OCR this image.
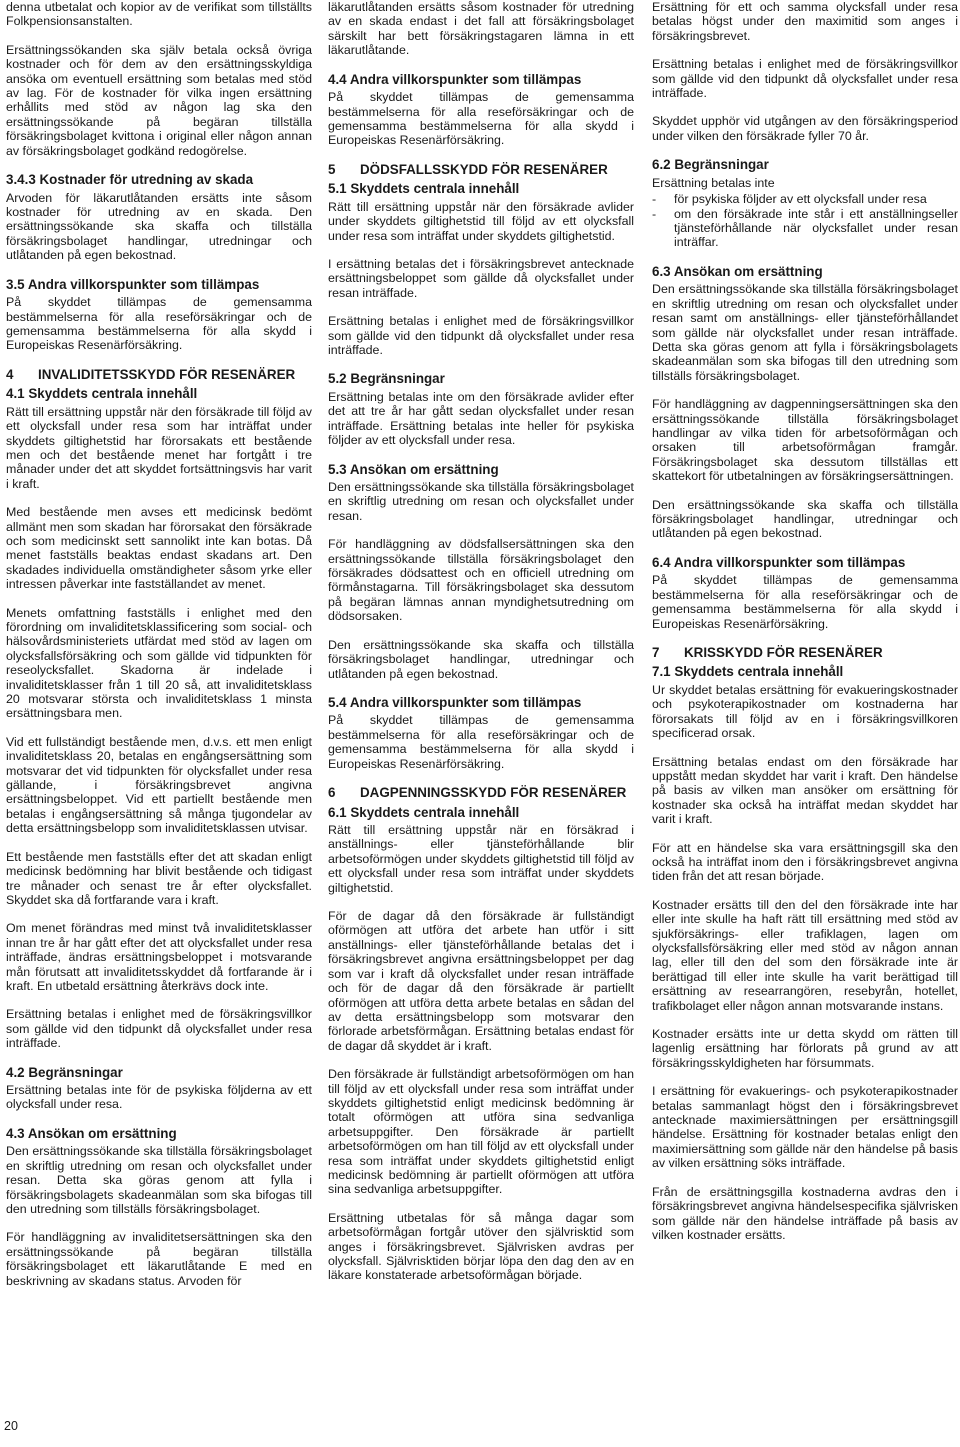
denna utbetalat och kopior av de verifikat som tillställts Folkpensionsanstalten.

Ersättningssökanden ska själv betala också övriga kostnader och för dem av den ersättningsskyldiga ansöka om eventuell ersättning som betalas med stöd av lag. För de kostnader för vilka ingen ersättning erhållits med stöd av någon lag ska den ersättningssökande på begäran tillställa försäkringsbolaget kvittona i original eller någon annan av försäkringsbolaget godkänd redogörelse.

3.4.3 Kostnader för utredning av skada

Arvoden för läkarutlåtanden ersätts inte såsom kostnader för utredning av en skada. Den ersättningssökande ska skaffa och tillställa försäkringsbolaget handlingar, utredningar och utlåtanden på egen bekostnad.

3.5 Andra villkorspunkter som tillämpas

På skyddet tillämpas de gemensamma bestämmelserna för alla reseförsäkringar och de gemensamma bestämmelserna för alla skydd i Europeiskas Resenärförsäkring.

4	INVALIDITETSSKYDD FÖR RESENÄRER
4.1 Skyddets centrala innehåll

Rätt till ersättning uppstår när den försäkrade till följd av ett olycksfall under resa som har inträffat under skyddets giltighetstid har förorsakats ett bestående men och det bestående menet har fortgått i tre månader under det att skyddet fortsättningsvis har varit i kraft.

Med bestående men avses ett medicinsk bedömt allmänt men som skadan har förorsakat den försäkrade och som medicinskt sett sannolikt inte kan botas. Då menet fastställs beaktas endast skadans art. Den skadades individuella omständigheter såsom yrke eller intressen påverkar inte fastställandet av menet.

Menets omfattning fastställs i enlighet med den förordning om invaliditetsklassificering som social- och hälsovårdsministeriets utfärdat med stöd av lagen om olycksfallsförsäkring och som gällde vid tidpunkten för reseolycksfallet. Skadorna är indelade i invaliditetsklasser från 1 till 20 så, att invaliditetsklass 20 motsvarar största och invaliditetsklass 1 minsta ersättningsbara men.

Vid ett fullständigt bestående men, d.v.s. ett men enligt invaliditetsklass 20, betalas en engångsersättning som motsvarar det vid tidpunkten för olycksfallet under resa gällande, i försäkringsbrevet angivna ersättningsbeloppet. Vid ett partiellt bestående men betalas i engångsersättning så många tjugondelar av detta ersättningsbelopp som invaliditetsklassen utvisar.

Ett bestående men fastställs efter det att skadan enligt medicinsk bedömning har blivit bestående och tidigast tre månader och senast tre år efter olycksfallet. Skyddet ska då fortfarande vara i kraft.

Om menet förändras med minst två invaliditetsklasser innan tre år har gått efter det att olycksfallet under resa inträffade, ändras ersättningsbeloppet i motsvarande mån förutsatt att invaliditetsskyddet då fortfarande är i kraft. En utbetald ersättning återkrävs dock inte.

Ersättning betalas i enlighet med de försäkringsvillkor som gällde vid den tidpunkt då olycksfallet under resa inträffade.

4.2 Begränsningar

Ersättning betalas inte för de psykiska följderna av ett olycksfall under resa.

4.3 Ansökan om ersättning

Den ersättningssökande ska tillställa försäkringsbolaget en skriftlig utredning om resan och olycksfallet under resan. Detta ska göras genom att fylla i försäkringsbolagets skadeanmälan som ska bifogas till den utredning som tillställs försäkringsbolaget.

För handläggning av invaliditetsersättningen ska den ersättningssökande på begäran tillställa försäkringsbolaget ett läkarutlåtande E med en beskrivning av skadans status. Arvoden för

läkarutlåtanden ersätts såsom kostnader för utredning av en skada endast i det fall att försäkringsbolaget särskilt har bett försäkringstagaren lämna in ett läkarutlåtande.

4.4 Andra villkorspunkter som tillämpas

På skyddet tillämpas de gemensamma bestämmelserna för alla reseförsäkringar och de gemensamma bestämmelserna för alla skydd i Europeiskas Resenärförsäkring.

5	DÖDSFALLSSKYDD FÖR RESENÄRER
5.1 Skyddets centrala innehåll

Rätt till ersättning uppstår när den försäkrade avlider under skyddets giltighetstid till följd av ett olycksfall under resa som inträffat under skyddets giltighetstid.

I ersättning betalas det i försäkringsbrevet antecknade ersättningsbeloppet som gällde då olycksfallet under resan inträffade.

Ersättning betalas i enlighet med de försäkringsvillkor som gällde vid den tidpunkt då olycksfallet under resa inträffade.

5.2 Begränsningar

Ersättning betalas inte om den försäkrade avlider efter det att tre år har gått sedan olycksfallet under resan inträffade. Ersättning betalas inte heller för psykiska följder av ett olycksfall under resa.

5.3 Ansökan om ersättning

Den ersättningssökande ska tillställa försäkringsbolaget en skriftlig utredning om resan och olycksfallet under resan.

För handläggning av dödsfallsersättningen ska den ersättningssökande tillställa försäkringsbolaget den försäkrades dödsattest och en officiell utredning om förmånstagarna. Till försäkringsbolaget ska dessutom på begäran lämnas annan myndighetsutredning om dödsorsaken.

Den ersättningssökande ska skaffa och tillställa försäkringsbolaget handlingar, utredningar och utlåtanden på egen bekostnad.

5.4 Andra villkorspunkter som tillämpas

På skyddet tillämpas de gemensamma bestämmelserna för alla reseförsäkringar och de gemensamma bestämmelserna för alla skydd i Europeiskas Resenärförsäkring.

6	DAGPENNINGSSKYDD FÖR RESENÄRER
6.1 Skyddets centrala innehåll

Rätt till ersättning uppstår när en försäkrad i anställnings- eller tjänsteförhållande blir arbetsoförmögen under skyddets giltighetstid till följd av ett olycksfall under resa som inträffat under skyddets giltighetstid.

För de dagar då den försäkrade är fullständigt oförmögen att utföra det arbete han utför i sitt anställnings- eller tjänsteförhållande betalas det i försäkringsbrevet angivna ersättningsbeloppet per dag som var i kraft då olycksfallet under resan inträffade och för de dagar då den försäkrade är partiellt oförmögen att utföra detta arbete betalas en sådan del av detta ersättningsbelopp som motsvarar den förlorade arbetsförmågan. Ersättning betalas endast för de dagar då skyddet är i kraft.

Den försäkrade är fullständigt arbetsoförmögen om han till följd av ett olycksfall under resa som inträffat under skyddets giltighetstid enligt medicinsk bedömning är totalt oförmögen att utföra sina sedvanliga arbetsuppgifter. Den försäkrade är partiellt arbetsoförmögen om han till följd av ett olycksfall under resa som inträffat under skyddets giltighetstid enligt medicinsk bedömning är partiellt oförmögen att utföra sina sedvanliga arbetsuppgifter.

Ersättning utbetalas för så många dagar som arbetsoförmågan fortgår utöver den självrisktid som anges i försäkringsbrevet. Självrisken avdras per olycksfall. Självrisktiden börjar löpa den dag den av en läkare konstaterade arbetsoförmågan började.

Ersättning för ett och samma olycksfall under resa betalas högst under den maximitid som anges i försäkringsbrevet.

Ersättning betalas i enlighet med de försäkringsvillkor som gällde vid den tidpunkt då olycksfallet under resa inträffade.

Skyddet upphör vid utgången av den försäkringsperiod under vilken den försäkrade fyller 70 år.

6.2 Begränsningar

Ersättning betalas inte

-	för psykiska följder av ett olycksfall under resa
-	om den försäkrade inte står i ett anställningseller tjänsteförhållande när olycksfallet under resan inträffar.
6.3 Ansökan om ersättning

Den ersättningssökande ska tillställa försäkringsbolaget en skriftlig utredning om resan och olycksfallet under resan samt om anställnings- eller tjänsteförhållandet som gällde när olycksfallet under resan inträffade. Detta ska göras genom att fylla i försäkringsbolagets skadeanmälan som ska bifogas till den utredning som tillställs försäkringsbolaget.

För handläggning av dagpenningsersättningen ska den ersättningssökande tillställa försäkringsbolaget handlingar av vilka tiden för arbetsoförmågan och orsaken till arbetsoförmågan framgår. Försäkringsbolaget ska dessutom tillställas ett skattekort för utbetalningen av försäkringsersättningen.

Den ersättningssökande ska skaffa och tillställa försäkringsbolaget handlingar, utredningar och utlåtanden på egen bekostnad.

6.4 Andra villkorspunkter som tillämpas

På skyddet tillämpas de gemensamma bestämmelserna för alla reseförsäkringar och de gemensamma bestämmelserna för alla skydd i Europeiskas Resenärförsäkring.

7	KRISSKYDD FÖR RESENÄRER
7.1 Skyddets centrala innehåll

Ur skyddet betalas ersättning för evakueringskostnader och psykoterapikostnader om kostnaderna har förorsakats till följd av en i försäkringsvillkoren specificerad orsak.

Ersättning betalas endast om den försäkrade har uppstått medan skyddet har varit i kraft. Den händelse på basis av vilken man ansöker om ersättning för kostnader ska också ha inträffat medan skyddet har varit i kraft.

För att en händelse ska vara ersättningsgill ska den också ha inträffat inom den i försäkringsbrevet angivna tiden från det att resan började.

Kostnader ersätts till den del den försäkrade inte har eller inte skulle ha haft rätt till ersättning med stöd av sjukförsäkrings- eller trafiklagen, lagen om olycksfallsförsäkring eller med stöd av någon annan lag, eller till den del som den försäkrade inte är berättigad till eller inte skulle ha varit berättigad till ersättning av researrangören, resebyrån, hotellet, trafikbolaget eller någon annan motsvarande instans.

Kostnader ersätts inte ur detta skydd om rätten till lagenlig ersättning har förlorats på grund av att försäkringsskyldigheten har försummats.

I ersättning för evakuerings- och psykoterapikostnader betalas sammanlagt högst den i försäkringsbrevet antecknade maximiersättningen per ersättningsgill händelse. Ersättning för kostnader betalas enligt den maximiersättning som gällde när den händelse på basis av vilken ersättning söks inträffade.

Från de ersättningsgilla kostnaderna avdras den i försäkringsbrevet angivna händelsespecifika självrisken som gällde när den händelse inträffade på basis av vilken kostnader ersätts.

20
